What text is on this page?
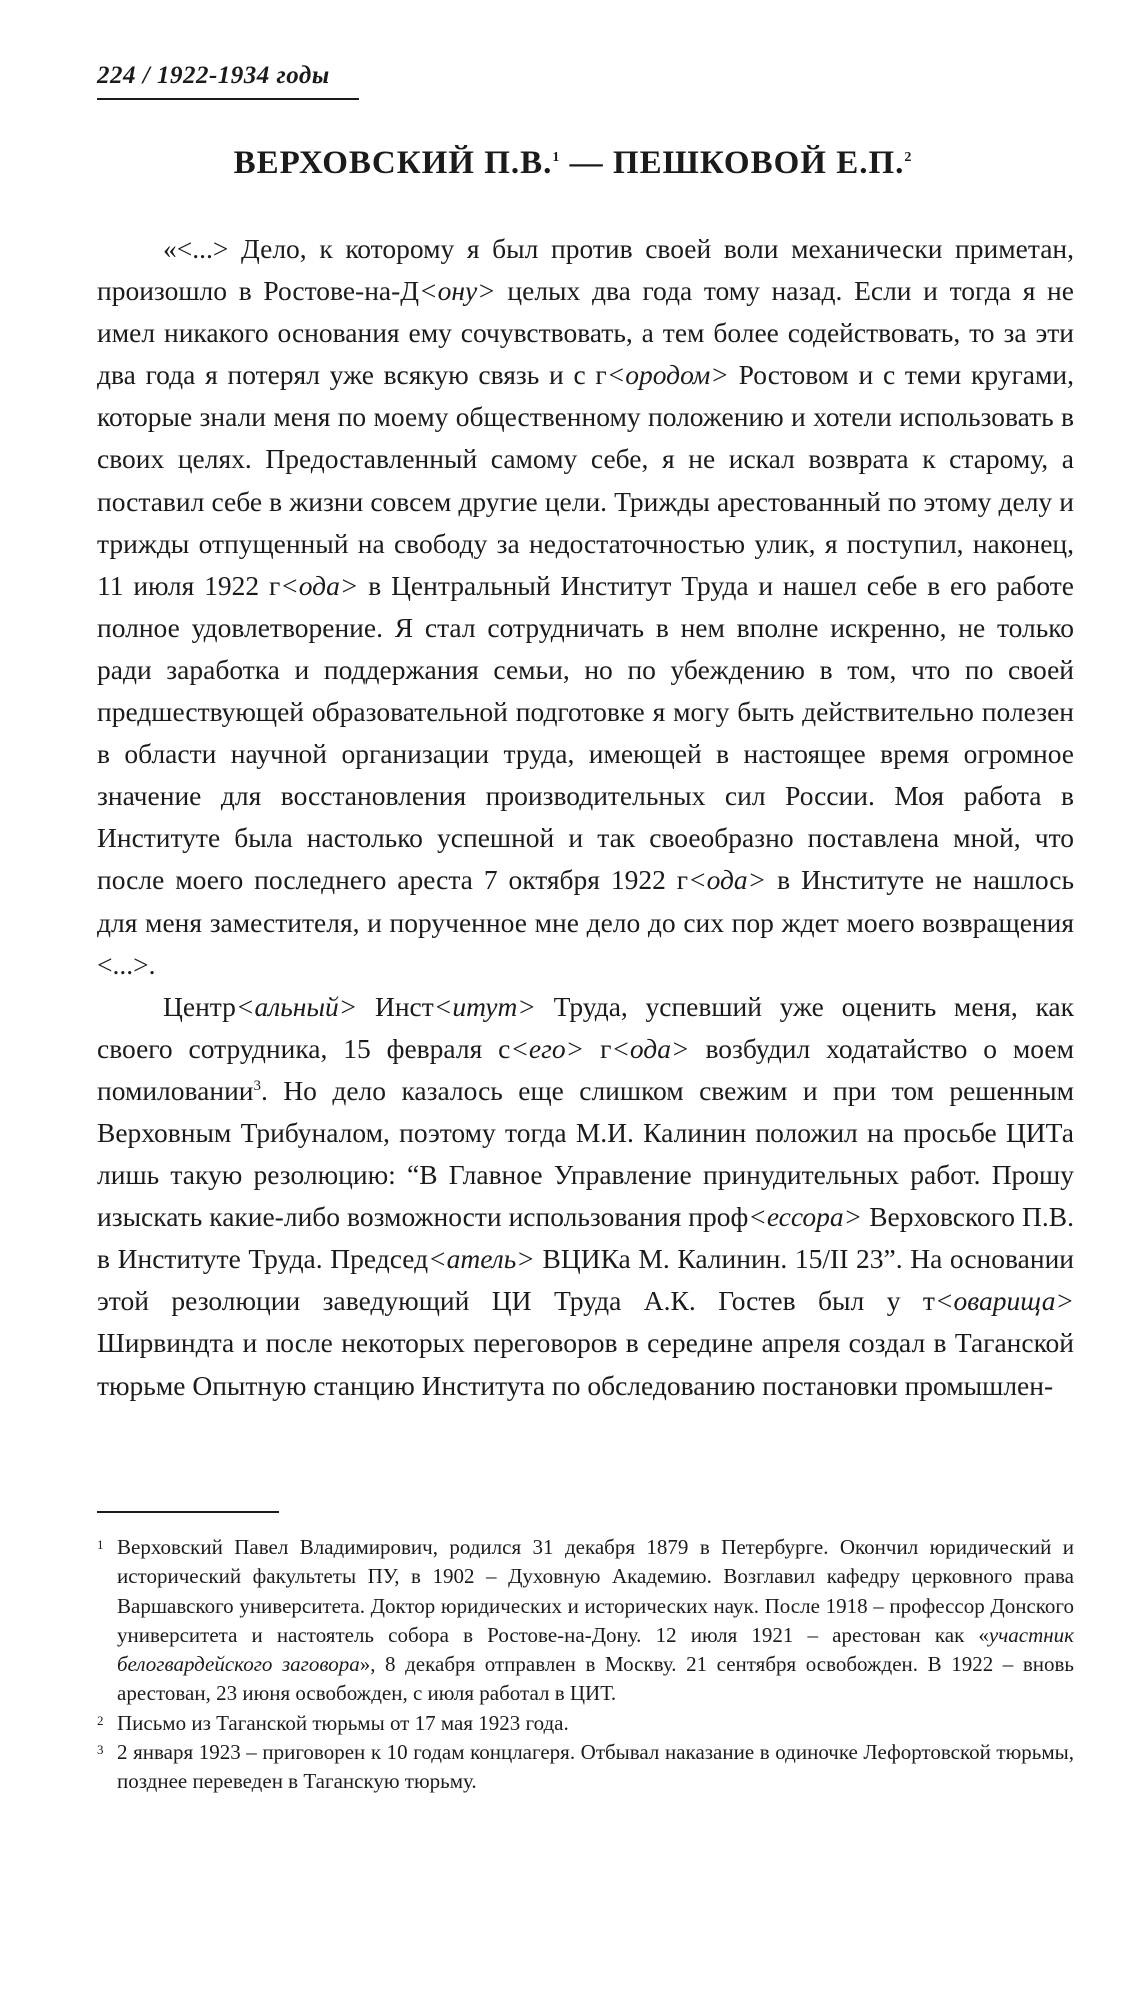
224 / 1922-1934 годы
ВЕРХОВСКИЙ П.В.$^1$ — ПЕШКОВОЙ Е.П.$^2$

«<...> Дело, к которому я был против своей воли механически приметан, произошло в Ростове-на-Д<ону> целых два года тому назад. Если и тогда я не имел никакого основания ему сочувствовать, а тем более содействовать, то за эти два года я потерял уже всякую связь и с г<ородом> Ростовом и с теми кругами, которые знали меня по моему общественному положению и хотели использовать в своих целях. Предоставленный самому себе, я не искал возврата к старому, а поставил себе в жизни совсем другие цели. Трижды арестованный по этому делу и трижды отпущенный на свободу за недостаточностью улик, я поступил, наконец, 11 июля 1922 г<ода> в Центральный Институт Труда и нашел себе в его работе полное удовлетворение. Я стал сотрудничать в нем вполне искренно, не только ради заработка и поддержания семьи, но по убеждению в том, что по своей предшествующей образовательной подготовке я могу быть действительно полезен в области научной организации труда, имеющей в настоящее время огромное значение для восстановления производительных сил России. Моя работа в Институте была настолько успешной и так своеобразно поставлена мной, что после моего последнего ареста 7 октября 1922 г<ода> в Институте не нашлось для меня заместителя, и порученное мне дело до сих пор ждет моего возвращения <...>.

Центр<альный> Инст<итут> Труда, успевший уже оценить меня, как своего сотрудника, 15 февраля с<его> г<ода> возбудил ходатайство о моем помиловании$^3$. Но дело казалось еще слишком свежим и при том решенным Верховным Трибуналом, поэтому тогда М.И. Калинин положил на просьбе ЦИТа лишь такую резолюцию: “В Главное Управление принудительных работ. Прошу изыскать какие-либо возможности использования проф<ессора> Верховского П.В. в Институте Труда. Председ<атель> ВЦИКа М. Калинин. 15/II 23”. На основании этой резолюции заведующий ЦИ Труда А.К. Гостев был у т<оварища> Ширвиндта и после некоторых переговоров в середине апреля создал в Таганской тюрьме Опытную станцию Института по обследованию постановки промышлен-

1 Верховский Павел Владимирович, родился 31 декабря 1879 в Петербурге. Окончил юридический и исторический факультеты ПУ, в 1902 – Духовную Академию. Возглавил кафедру церковного права Варшавского университета. Доктор юридических и исторических наук. После 1918 – профессор Донского университета и настоятель собора в Ростове-на-Дону. 12 июля 1921 – арестован как «участник белогвардейского заговора», 8 декабря отправлен в Москву. 21 сентября освобожден. В 1922 – вновь арестован, 23 июня освобожден, с июля работал в ЦИТ.

2 Письмо из Таганской тюрьмы от 17 мая 1923 года.

3 2 января 1923 – приговорен к 10 годам концлагеря. Отбывал наказание в одиночке Лефортовской тюрьмы, позднее переведен в Таганскую тюрьму.
